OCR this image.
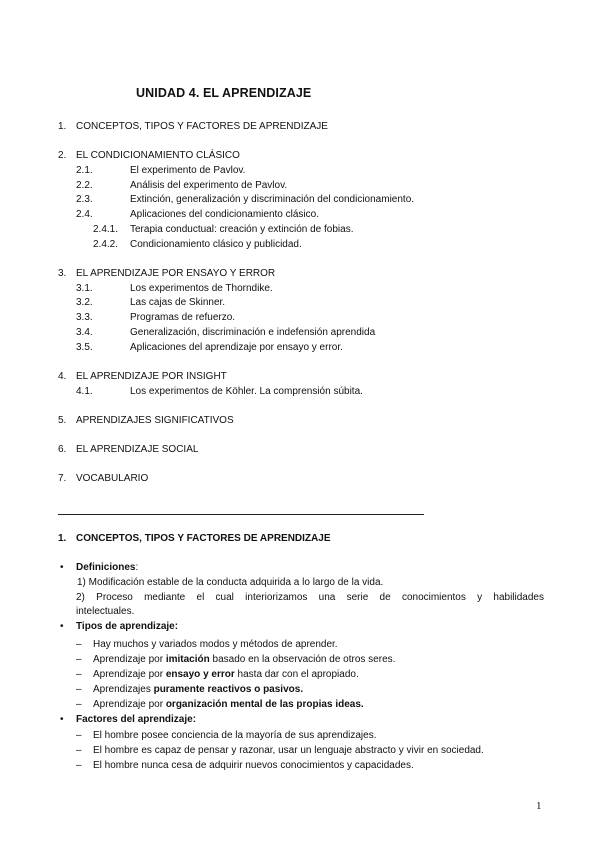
UNIDAD 4. EL APRENDIZAJE
1. CONCEPTOS, TIPOS Y FACTORES DE APRENDIZAJE
2. EL CONDICIONAMIENTO CLÁSICO
2.1.	El experimento de Pavlov.
2.2.	Análisis del experimento de Pavlov.
2.3.	Extinción, generalización y discriminación del condicionamiento.
2.4.	Aplicaciones del condicionamiento clásico.
2.4.1. Terapia conductual: creación y extinción de fobias.
2.4.2. Condicionamiento clásico y publicidad.
3. EL APRENDIZAJE POR ENSAYO Y ERROR
3.1.	Los experimentos de Thorndike.
3.2.	Las cajas de Skinner.
3.3.	Programas de refuerzo.
3.4.	Generalización, discriminación e indefensión aprendida
3.5.	Aplicaciones del aprendizaje por ensayo y error.
4. EL APRENDIZAJE POR INSIGHT
4.1.	Los experimentos de Köhler. La comprensión súbita.
5. APRENDIZAJES SIGNIFICATIVOS
6. EL APRENDIZAJE SOCIAL
7. VOCABULARIO
1. CONCEPTOS, TIPOS Y FACTORES DE APRENDIZAJE
• Definiciones:
1) Modificación estable de la conducta adquirida a lo largo de la vida.
2) Proceso mediante el cual interiorizamos una serie de conocimientos y habilidades
intelectuales.
• Tipos de aprendizaje:
– Hay muchos y variados modos y métodos de aprender.
– Aprendizaje por imitación basado en la observación de otros seres.
– Aprendizaje por ensayo y error hasta dar con el apropiado.
– Aprendizajes puramente reactivos o pasivos.
– Aprendizaje por organización mental de las propias ideas.
• Factores del aprendizaje:
– El hombre posee conciencia de la mayoría de sus aprendizajes.
– El hombre es capaz de pensar y razonar, usar un lenguaje abstracto y vivir en sociedad.
– El hombre nunca cesa de adquirir nuevos conocimientos y capacidades.
1
